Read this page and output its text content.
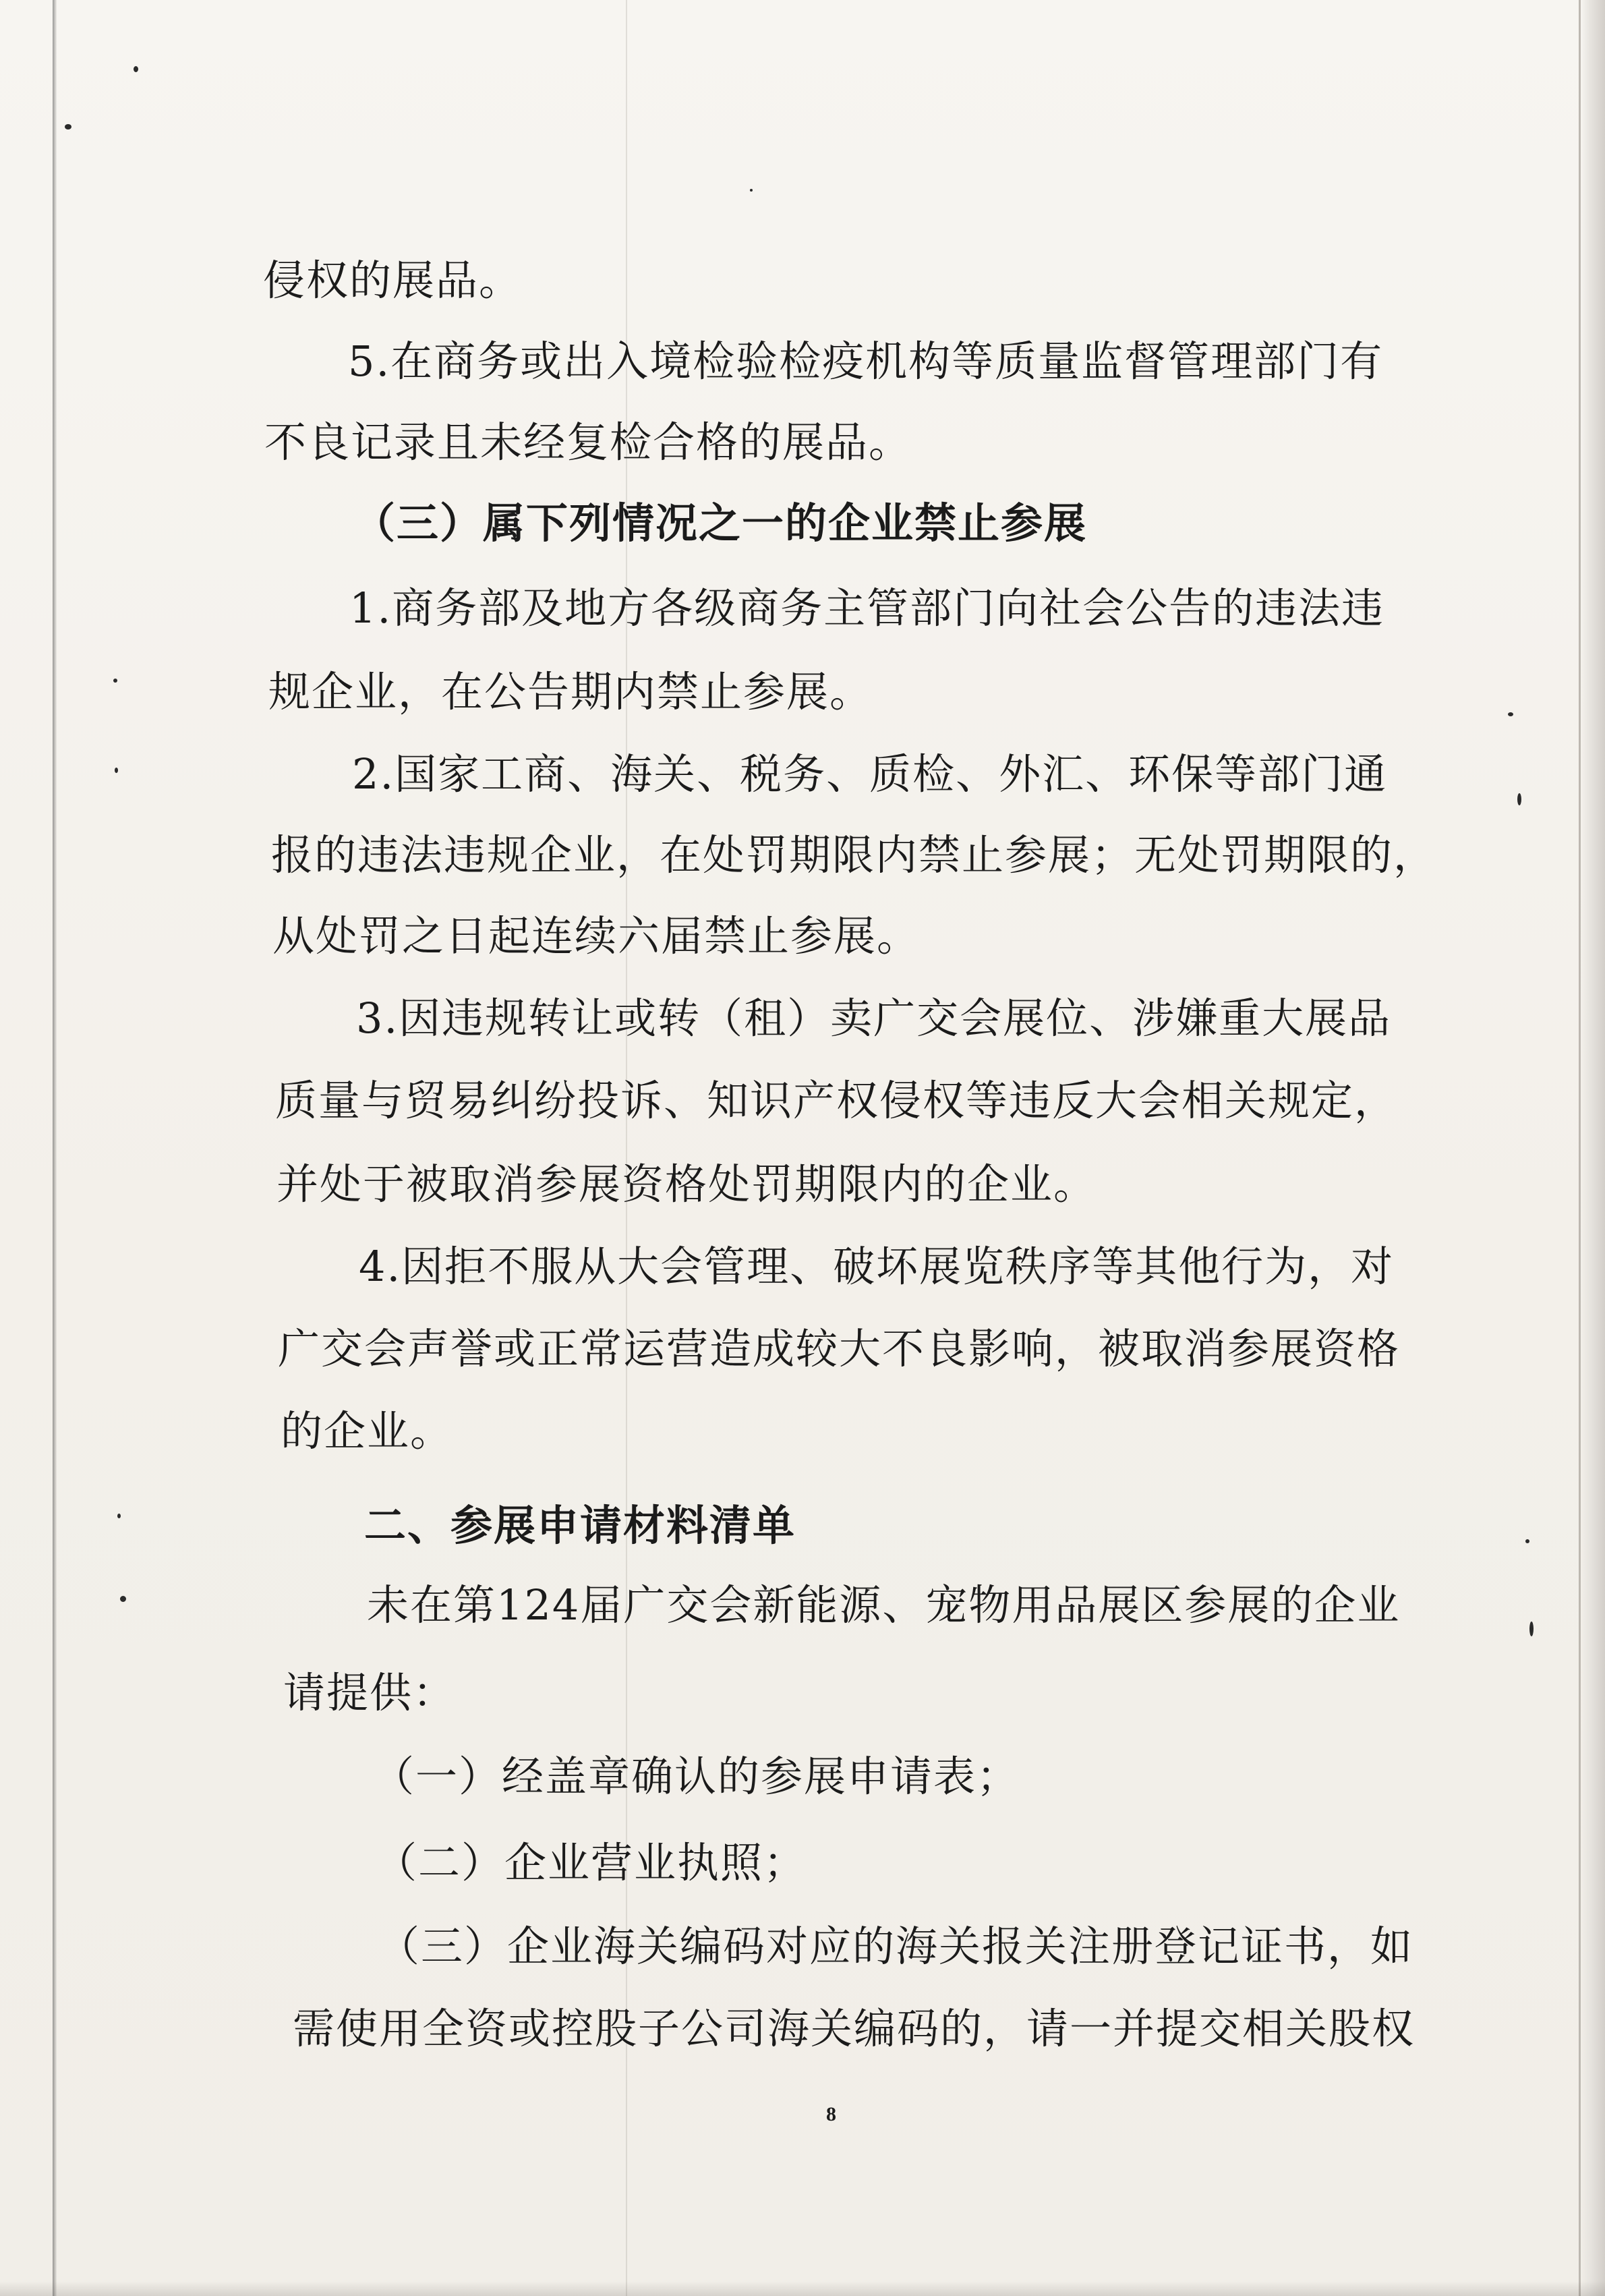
侵权的展品。
5.在商务或出入境检验检疫机构等质量监督管理部门有
不良记录且未经复检合格的展品。
（三）属下列情况之一的企业禁止参展
1.商务部及地方各级商务主管部门向社会公告的违法违
规企业，在公告期内禁止参展。
2.国家工商、海关、税务、质检、外汇、环保等部门通
报的违法违规企业，在处罚期限内禁止参展；无处罚期限的，
从处罚之日起连续六届禁止参展。
3.因违规转让或转（租）卖广交会展位、涉嫌重大展品
质量与贸易纠纷投诉、知识产权侵权等违反大会相关规定，
并处于被取消参展资格处罚期限内的企业。
4.因拒不服从大会管理、破坏展览秩序等其他行为，对
广交会声誉或正常运营造成较大不良影响，被取消参展资格
的企业。
二、参展申请材料清单
未在第124届广交会新能源、宠物用品展区参展的企业
请提供：
（一）经盖章确认的参展申请表；
（二）企业营业执照；
（三）企业海关编码对应的海关报关注册登记证书，如
需使用全资或控股子公司海关编码的，请一并提交相关股权
8
